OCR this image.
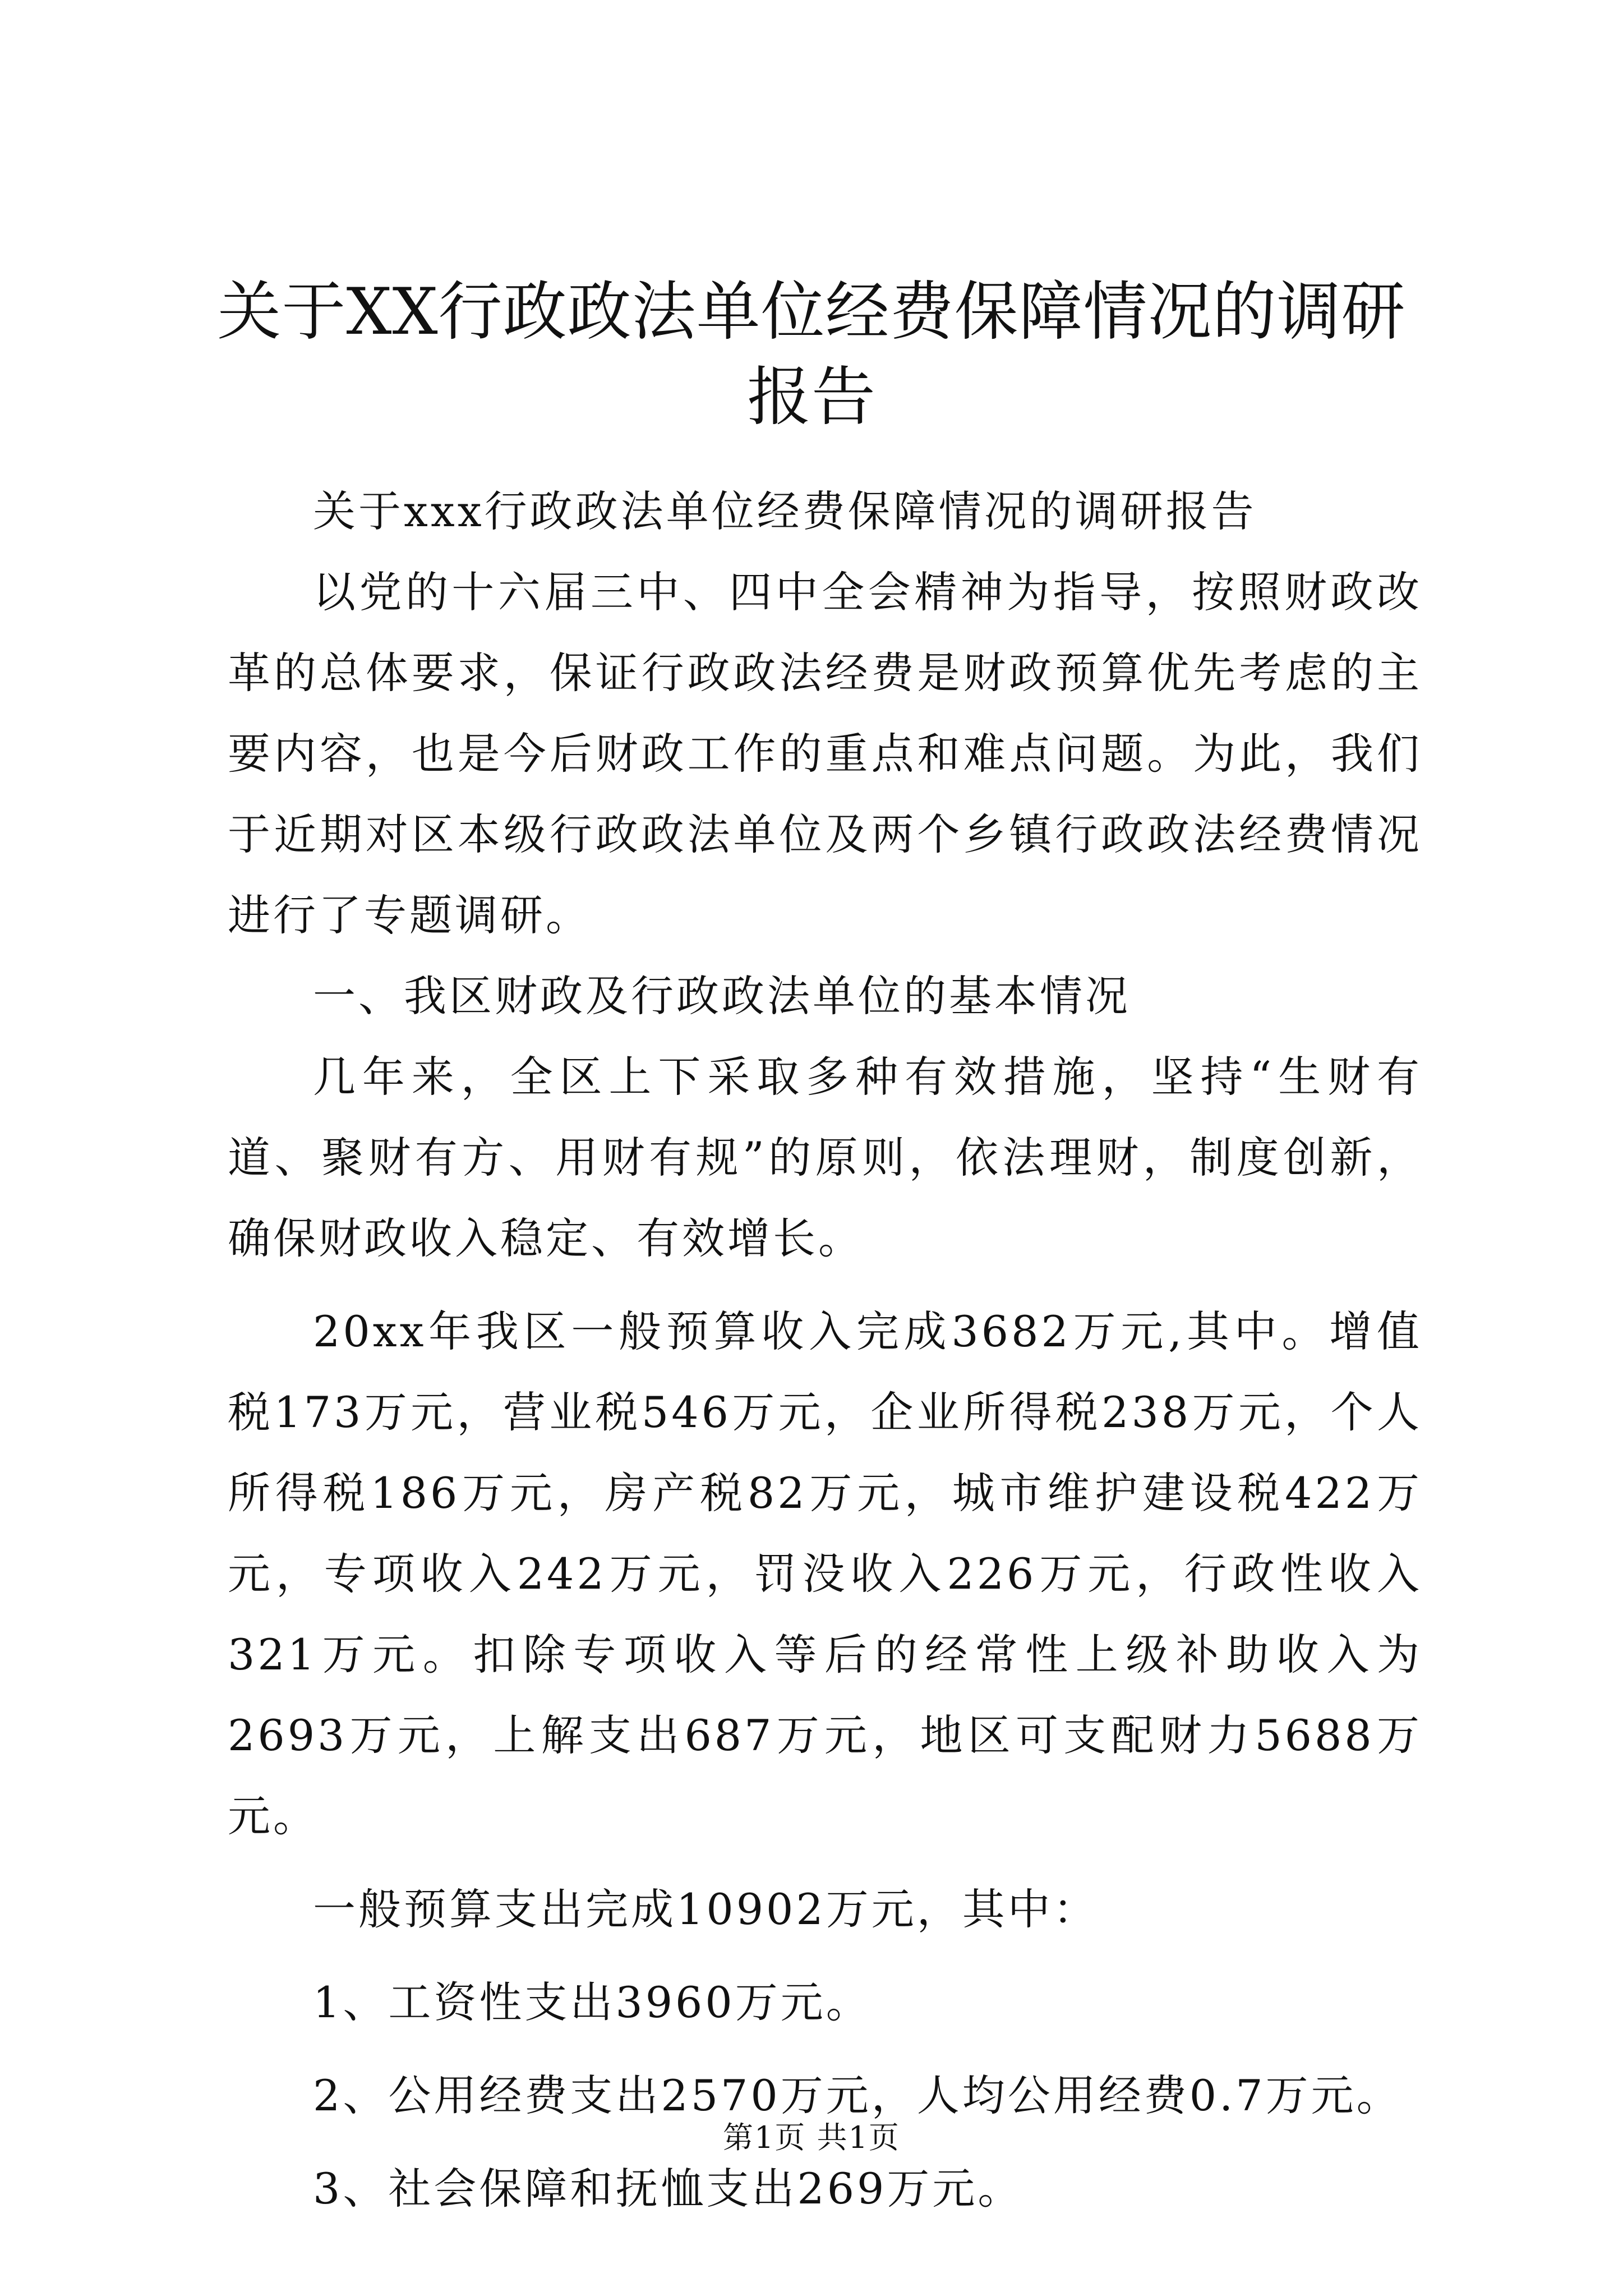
关于XX行政政法单位经费保障情况的调研报告

关于xxx行政政法单位经费保障情况的调研报告

以党的十六届三中、四中全会精神为指导，按照财政改革的总体要求，保证行政政法经费是财政预算优先考虑的主要内容，也是今后财政工作的重点和难点问题。为此，我们于近期对区本级行政政法单位及两个乡镇行政政法经费情况进行了专题调研。

一、我区财政及行政政法单位的基本情况

几年来，全区上下采取多种有效措施，坚持“生财有道、聚财有方、用财有规”的原则，依法理财，制度创新，确保财政收入稳定、有效增长。

20xx年我区一般预算收入完成3682万元,其中。增值税173万元，营业税546万元，企业所得税238万元，个人所得税186万元，房产税82万元，城市维护建设税422万元，专项收入242万元，罚没收入226万元，行政性收入321万元。扣除专项收入等后的经常性上级补助收入为2693万元，上解支出687万元，地区可支配财力5688万元。

一般预算支出完成10902万元，其中：

1、工资性支出3960万元。

2、公用经费支出2570万元，人均公用经费0.7万元。

3、社会保障和抚恤支出269万元。

第1页 共1页
